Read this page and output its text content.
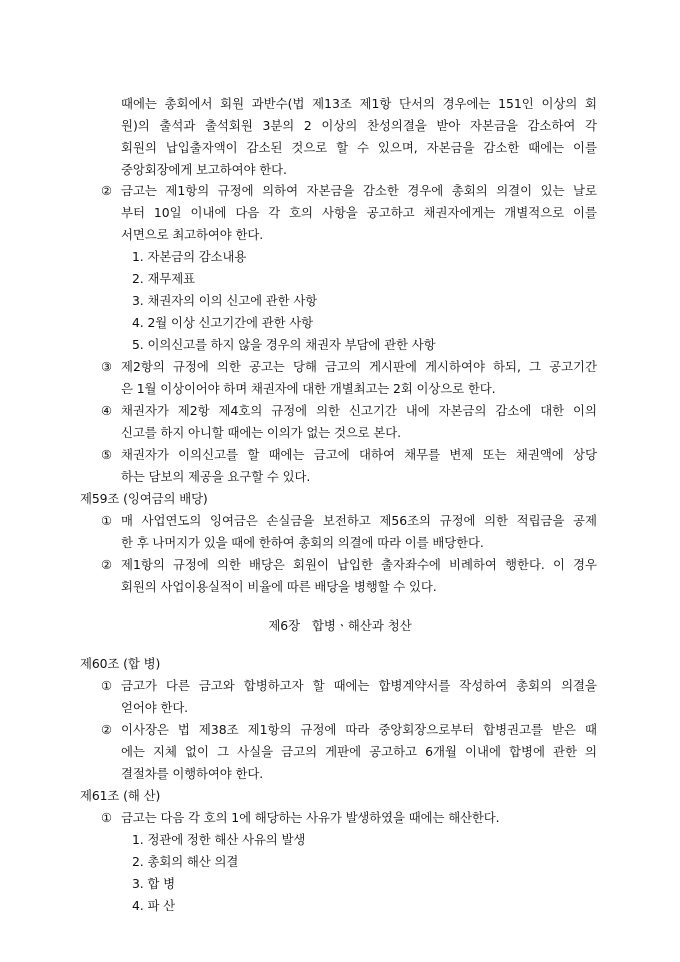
때에는 총회에서 회원 과반수(법 제13조 제1항 단서의 경우에는 151인 이상의 회
원)의 출석과 출석회원 3분의 2 이상의 찬성의결을 받아 자본금을 감소하여 각
회원의 납입출자액이 감소된 것으로 할 수 있으며, 자본금을 감소한 때에는 이를
중앙회장에게 보고하여야 한다.
② 금고는 제1항의 규정에 의하여 자본금을 감소한 경우에 총회의 의결이 있는 날로
부터 10일 이내에 다음 각 호의 사항을 공고하고 채권자에게는 개별적으로 이를
서면으로 최고하여야 한다.
1. 자본금의 감소내용
2. 재무제표
3. 채권자의 이의 신고에 관한 사항
4. 2월 이상 신고기간에 관한 사항
5. 이의신고를 하지 않을 경우의 채권자 부담에 관한 사항
③ 제2항의 규정에 의한 공고는 당해 금고의 게시판에 게시하여야 하되, 그 공고기간
은 1월 이상이어야 하며 채권자에 대한 개별최고는 2회 이상으로 한다.
④ 채권자가 제2항 제4호의 규정에 의한 신고기간 내에 자본금의 감소에 대한 이의
신고를 하지 아니할 때에는 이의가 없는 것으로 본다.
⑤ 채권자가 이의신고를 할 때에는 금고에 대하여 채무를 변제 또는 채권액에 상당
하는 담보의 제공을 요구할 수 있다.
제59조 (잉여금의 배당)
① 매 사업연도의 잉여금은 손실금을 보전하고 제56조의 규정에 의한 적립금을 공제
한 후 나머지가 있을 때에 한하여 총회의 의결에 따라 이를 배당한다.
② 제1항의 규정에 의한 배당은 회원이 납입한 출자좌수에 비례하여 행한다. 이 경우
회원의 사업이용실적이 비율에 따른 배당을 병행할 수 있다.
제6장   합병ㆍ해산과 청산
제60조 (합 병)
① 금고가 다른 금고와 합병하고자 할 때에는 합병계약서를 작성하여 총회의 의결을
얻어야 한다.
② 이사장은 법 제38조 제1항의 규정에 따라 중앙회장으로부터 합병권고를 받은 때
에는 지체 없이 그 사실을 금고의 게판에 공고하고 6개월 이내에 합병에 관한 의
결절차를 이행하여야 한다.
제61조 (해 산)
① 금고는 다음 각 호의 1에 해당하는 사유가 발생하였을 때에는 해산한다.
1. 정관에 정한 해산 사유의 발생
2. 총회의 해산 의결
3. 합 병
4. 파 산
